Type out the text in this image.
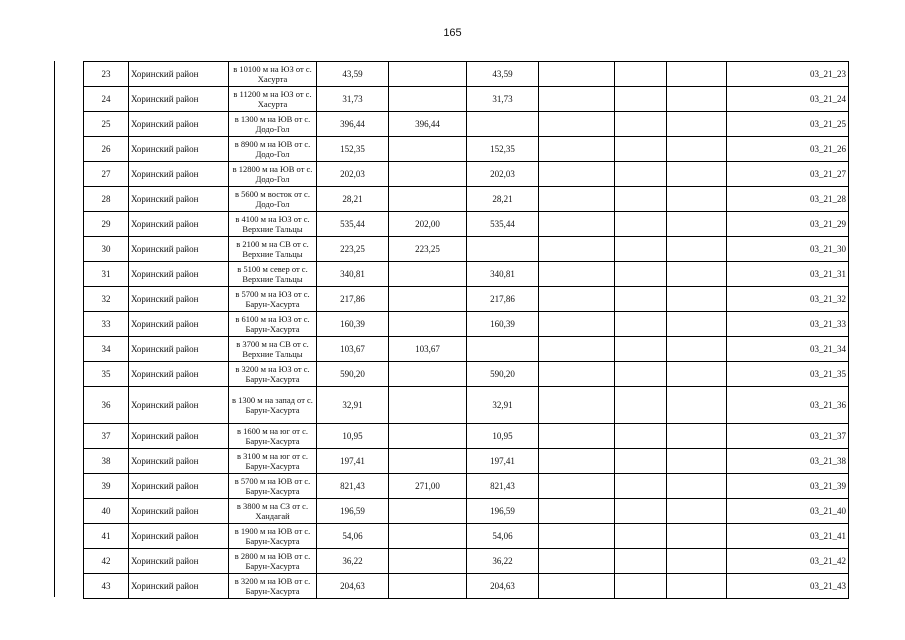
165
23	Хоринский район	в 10100 м на ЮЗ от с. Хасурта	43,59		43,59				03_21_23
24	Хоринский район	в 11200 м на ЮЗ от с. Хасурта	31,73		31,73				03_21_24
25	Хоринский район	в 1300 м на ЮВ от с. Додо-Гол	396,44	396,44					03_21_25
26	Хоринский район	в 8900 м на ЮВ от с. Додо-Гол	152,35		152,35				03_21_26
27	Хоринский район	в 12800 м на ЮВ от с. Додо-Гол	202,03		202,03				03_21_27
28	Хоринский район	в 5600 м восток от с. Додо-Гол	28,21		28,21				03_21_28
29	Хоринский район	в 4100 м на ЮЗ от с. Верхние Тальцы	535,44	202,00	535,44				03_21_29
30	Хоринский район	в 2100 м на СВ от с. Верхние Тальцы	223,25	223,25					03_21_30
31	Хоринский район	в 5100 м север от с. Верхние Тальцы	340,81		340,81				03_21_31
32	Хоринский район	в 5700 м на ЮЗ от с. Барун-Хасурта	217,86		217,86				03_21_32
33	Хоринский район	в 6100 м на ЮЗ от с. Барун-Хасурта	160,39		160,39				03_21_33
34	Хоринский район	в 3700 м на СВ от с. Верхние Тальцы	103,67	103,67					03_21_34
35	Хоринский район	в 3200 м на ЮЗ от с. Барун-Хасурта	590,20		590,20				03_21_35
36	Хоринский район	в 1300 м на запад от с. Барун-Хасурта	32,91		32,91				03_21_36
37	Хоринский район	в 1600 м на юг от с. Барун-Хасурта	10,95		10,95				03_21_37
38	Хоринский район	в 3100 м на юг от с. Барун-Хасурта	197,41		197,41				03_21_38
39	Хоринский район	в 5700 м на ЮВ от с. Барун-Хасурта	821,43	271,00	821,43				03_21_39
40	Хоринский район	в 3800 м на СЗ от с. Хандагай	196,59		196,59				03_21_40
41	Хоринский район	в 1900 м на ЮВ от с. Барун-Хасурта	54,06		54,06				03_21_41
42	Хоринский район	в 2800 м на ЮВ от с. Барун-Хасурта	36,22		36,22				03_21_42
43	Хоринский район	в 3200 м на ЮВ от с. Барун-Хасурта	204,63		204,63				03_21_43
